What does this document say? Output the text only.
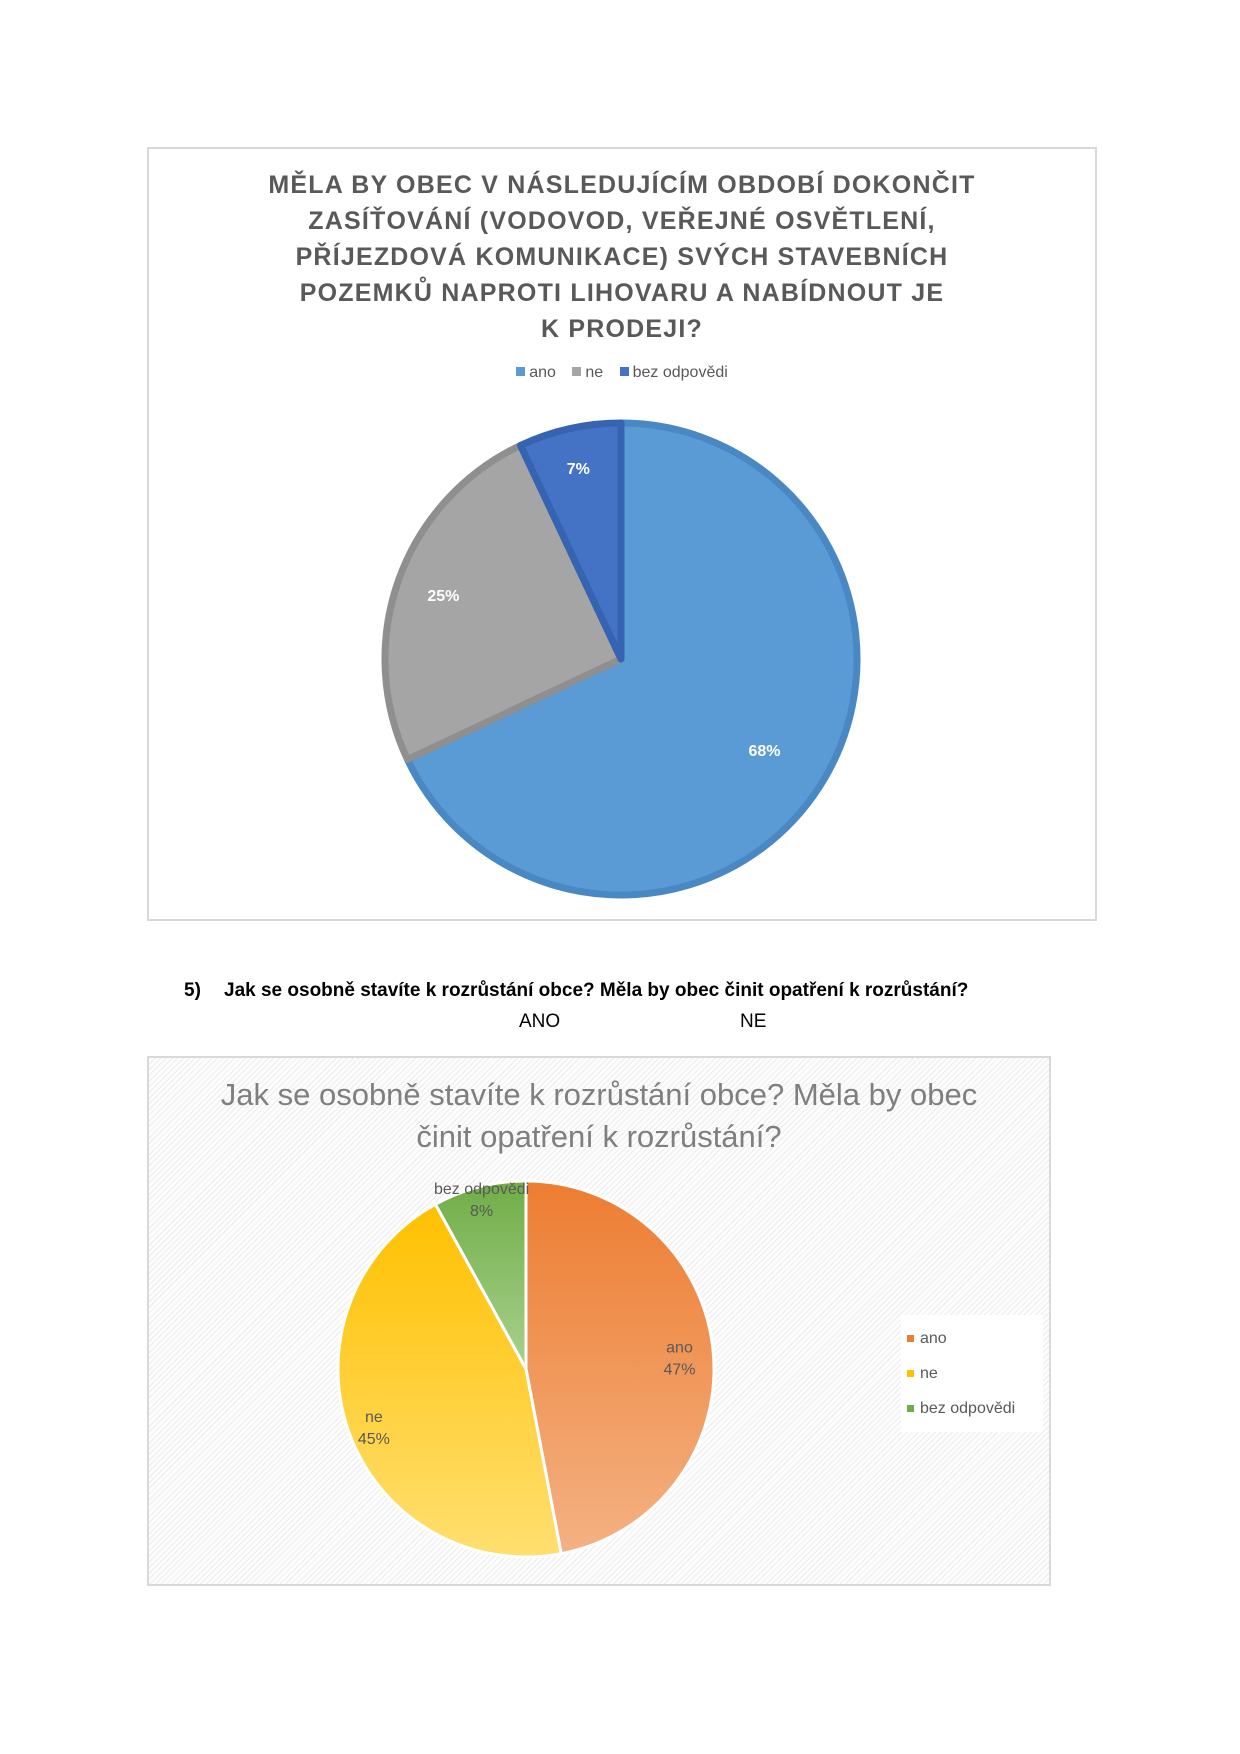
MĚLA BY OBEC V NÁSLEDUJÍCÍM OBDOBÍ DOKONČIT
ZASÍŤOVÁNÍ (VODOVOD, VEŘEJNÉ OSVĚTLENÍ,
PŘÍJEZDOVÁ KOMUNIKACE) SVÝCH STAVEBNÍCH
POZEMKŮ NAPROTI LIHOVARU A NABÍDNOUT JE
K PRODEJI?
ano ne bez odpovědi
68%
25%
7%
5) Jak se osobně stavíte k rozrůstání obce? Měla by obec činit opatření k rozrůstání?
ANO	NE
Jak se osobně stavíte k rozrůstání obce? Měla by obec
činit opatření k rozrůstání?
ano
47%
ne
45%
bez odpovědi
8%
ano
ne
bez odpovědi
